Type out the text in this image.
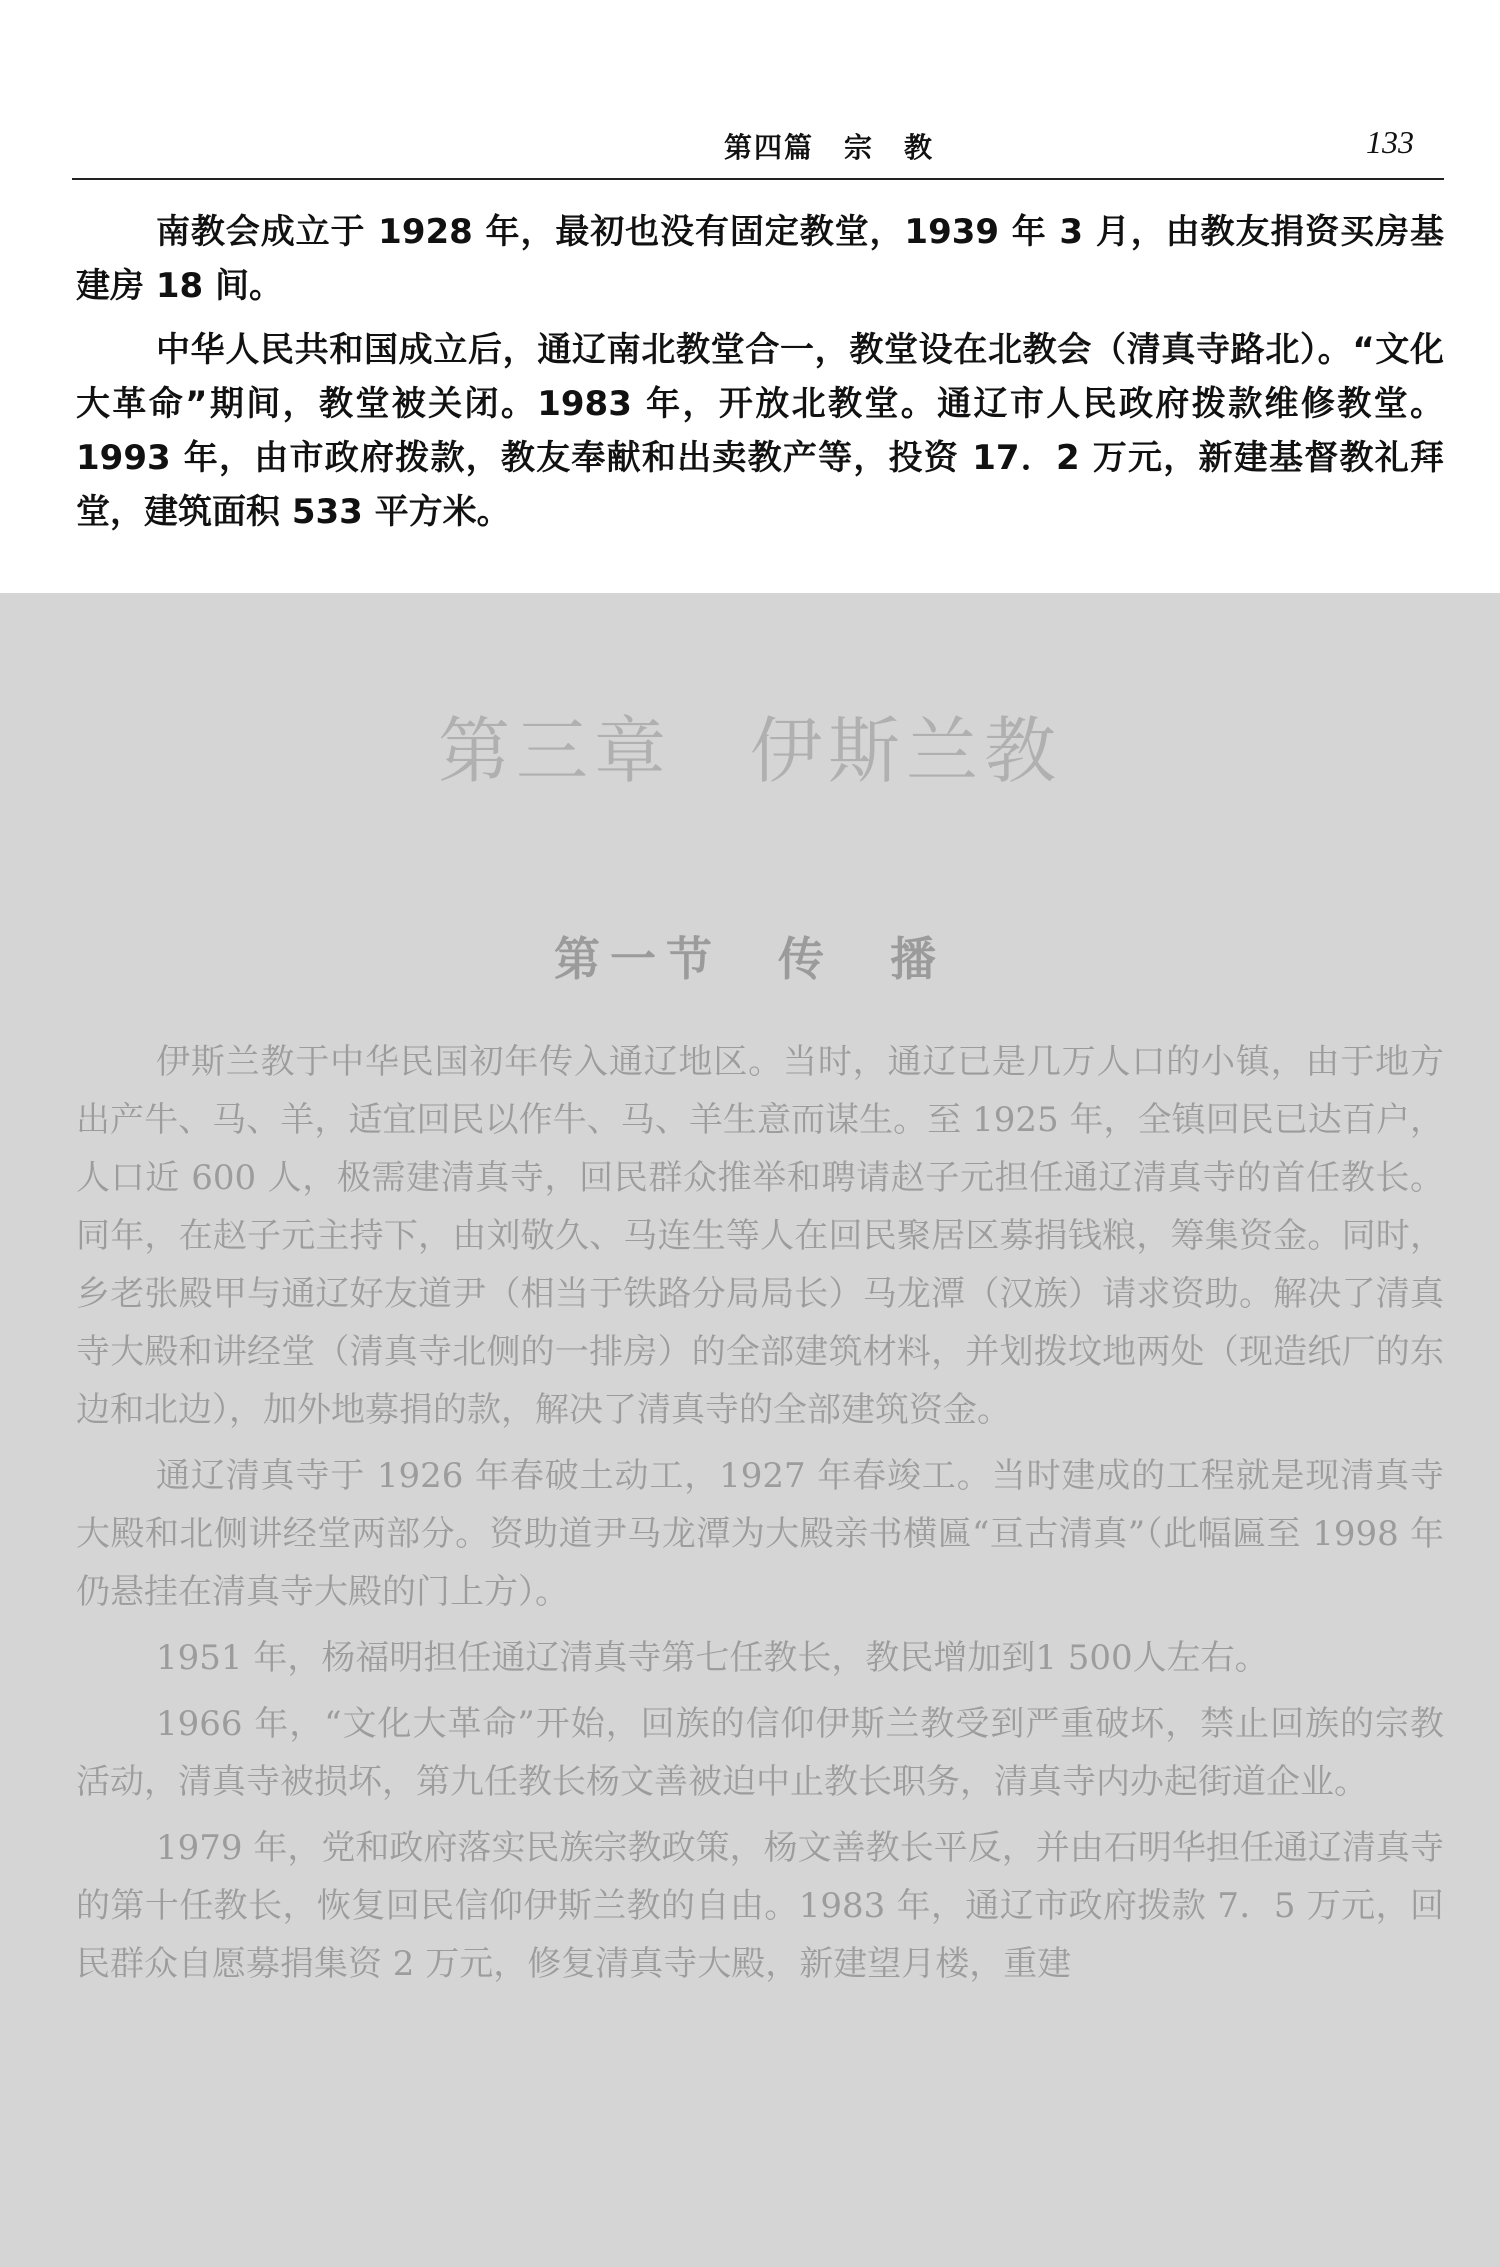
第四篇　宗　教	133

南教会成立于 1928 年，最初也没有固定教堂，1939 年 3 月，由教友捐资买房基建房 18 间。

中华人民共和国成立后，通辽南北教堂合一，教堂设在北教会（清真寺路北）。“文化大革命”期间，教堂被关闭。1983 年，开放北教堂。通辽市人民政府拨款维修教堂。1993 年，由市政府拨款，教友奉献和出卖教产等，投资 17．2 万元，新建基督教礼拜堂，建筑面积 533 平方米。

第三章　伊斯兰教
第一节　传　播

伊斯兰教于中华民国初年传入通辽地区。当时，通辽已是几万人口的小镇，由于地方出产牛、马、羊，适宜回民以作牛、马、羊生意而谋生。至 1925 年，全镇回民已达百户，人口近 600 人，极需建清真寺，回民群众推举和聘请赵子元担任通辽清真寺的首任教长。同年，在赵子元主持下，由刘敬久、马连生等人在回民聚居区募捐钱粮，筹集资金。同时，乡老张殿甲与通辽好友道尹（相当于铁路分局局长）马龙潭（汉族）请求资助。解决了清真寺大殿和讲经堂（清真寺北侧的一排房）的全部建筑材料，并划拨坟地两处（现造纸厂的东边和北边），加外地募捐的款，解决了清真寺的全部建筑资金。

通辽清真寺于 1926 年春破土动工，1927 年春竣工。当时建成的工程就是现清真寺大殿和北侧讲经堂两部分。资助道尹马龙潭为大殿亲书横匾“亘古清真”（此幅匾至 1998 年仍悬挂在清真寺大殿的门上方）。

1951 年，杨福明担任通辽清真寺第七任教长，教民增加到1 500人左右。

1966 年，“文化大革命”开始，回族的信仰伊斯兰教受到严重破坏，禁止回族的宗教活动，清真寺被损坏，第九任教长杨文善被迫中止教长职务，清真寺内办起街道企业。

1979 年，党和政府落实民族宗教政策，杨文善教长平反，并由石明华担任通辽清真寺的第十任教长，恢复回民信仰伊斯兰教的自由。1983 年，通辽市政府拨款 7．5 万元，回民群众自愿募捐集资 2 万元，修复清真寺大殿，新建望月楼，重建
